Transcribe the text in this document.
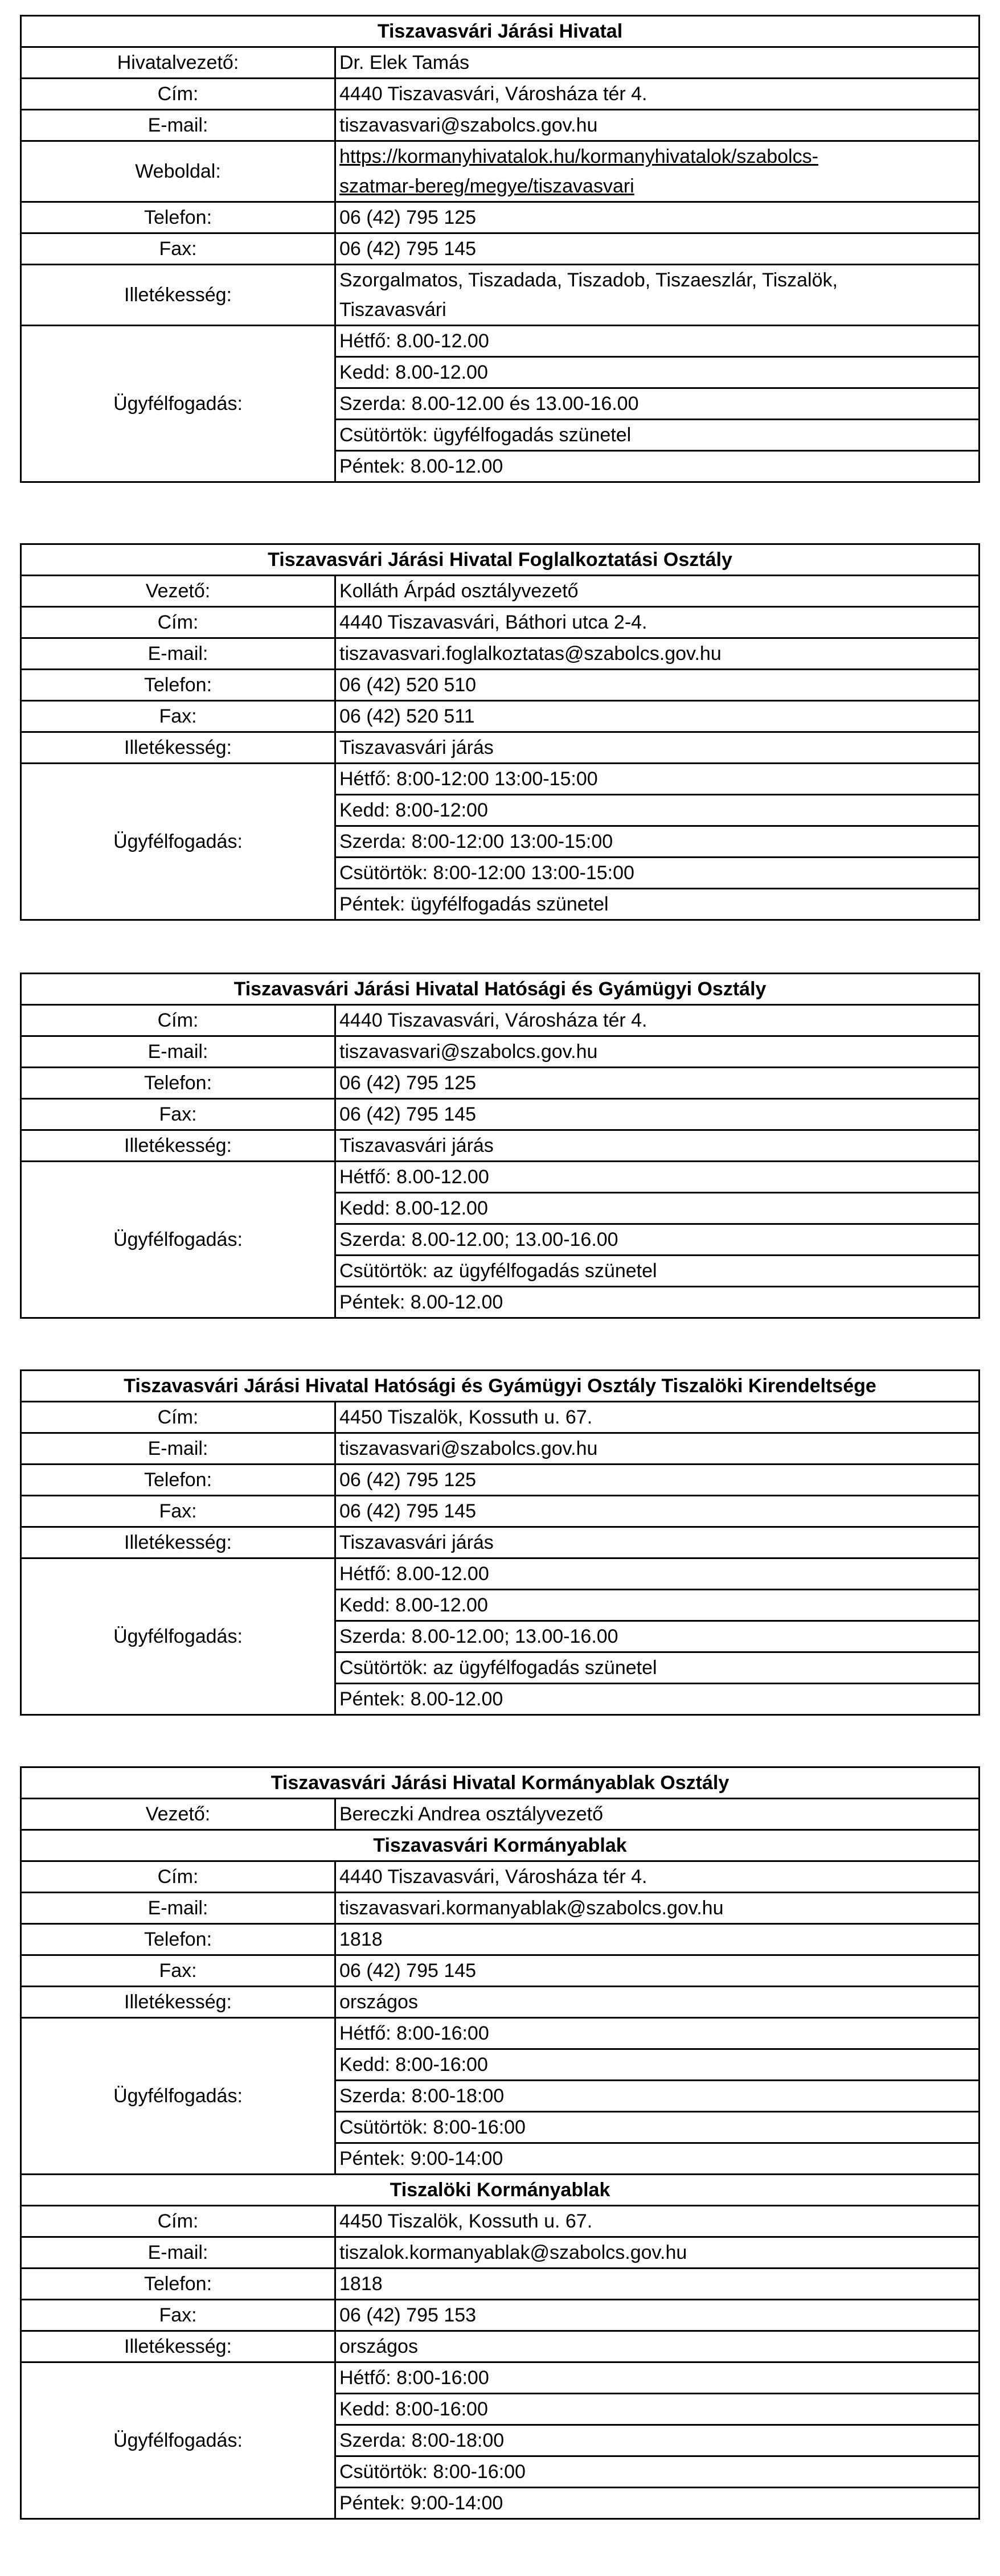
Tiszavasvári Járási Hivatal	
Hivatalvezető:	Dr. Elek Tamás
Cím:	4440 Tiszavasvári, Városháza tér 4.
E-mail:	tiszavasvari@szabolcs.gov.hu
Weboldal:	https://kormanyhivatalok.hu/kormanyhivatalok/szabolcs-
szatmar-bereg/megye/tiszavasvari

Telefon:	06 (42) 795 125
Fax:	06 (42) 795 145
Illetékesség:	Szorgalmatos, Tiszadada, Tiszadob, Tiszaeszlár, Tiszalök,
Tiszavasvári

Ügyfélfogadás:	Hétfő: 8.00-12.00
	Kedd: 8.00-12.00
	Szerda: 8.00-12.00 és 13.00-16.00
	Csütörtök: ügyfélfogadás szünetel
	Péntek: 8.00-12.00
Tiszavasvári Járási Hivatal Foglalkoztatási Osztály	
Vezető:	Kolláth Árpád osztályvezető
Cím:	4440 Tiszavasvári, Báthori utca 2-4.
E-mail:	tiszavasvari.foglalkoztatas@szabolcs.gov.hu
Telefon:	06 (42) 520 510
Fax:	06 (42) 520 511
Illetékesség:	Tiszavasvári járás
Ügyfélfogadás:	Hétfő: 8:00-12:00 13:00-15:00
	Kedd: 8:00-12:00
	Szerda: 8:00-12:00 13:00-15:00
	Csütörtök: 8:00-12:00 13:00-15:00
	Péntek: ügyfélfogadás szünetel
Tiszavasvári Járási Hivatal Hatósági és Gyámügyi Osztály	
Cím:	4440 Tiszavasvári, Városháza tér 4.
E-mail:	tiszavasvari@szabolcs.gov.hu
Telefon:	06 (42) 795 125
Fax:	06 (42) 795 145
Illetékesség:	Tiszavasvári járás
Ügyfélfogadás:	Hétfő: 8.00-12.00
	Kedd: 8.00-12.00
	Szerda: 8.00-12.00; 13.00-16.00
	Csütörtök: az ügyfélfogadás szünetel
	Péntek: 8.00-12.00
Tiszavasvári Járási Hivatal Hatósági és Gyámügyi Osztály Tiszalöki Kirendeltsége	
Cím:	4450 Tiszalök, Kossuth u. 67.
E-mail:	tiszavasvari@szabolcs.gov.hu
Telefon:	06 (42) 795 125
Fax:	06 (42) 795 145
Illetékesség:	Tiszavasvári járás
Ügyfélfogadás:	Hétfő: 8.00-12.00
	Kedd: 8.00-12.00
	Szerda: 8.00-12.00; 13.00-16.00
	Csütörtök: az ügyfélfogadás szünetel
	Péntek: 8.00-12.00
Tiszavasvári Járási Hivatal Kormányablak Osztály	
Vezető:	Bereczki Andrea osztályvezető
Tiszavasvári Kormányablak	
Cím:	4440 Tiszavasvári, Városháza tér 4.
E-mail:	tiszavasvari.kormanyablak@szabolcs.gov.hu
Telefon:	1818
Fax:	06 (42) 795 145
Illetékesség:	országos
Ügyfélfogadás:	Hétfő: 8:00-16:00
	Kedd: 8:00-16:00
	Szerda: 8:00-18:00
	Csütörtök: 8:00-16:00
	Péntek: 9:00-14:00
Tiszalöki Kormányablak	
Cím:	4450 Tiszalök, Kossuth u. 67.
E-mail:	tiszalok.kormanyablak@szabolcs.gov.hu
Telefon:	1818
Fax:	06 (42) 795 153
Illetékesség:	országos
Ügyfélfogadás:	Hétfő: 8:00-16:00
	Kedd: 8:00-16:00
	Szerda: 8:00-18:00
	Csütörtök: 8:00-16:00
	Péntek: 9:00-14:00
